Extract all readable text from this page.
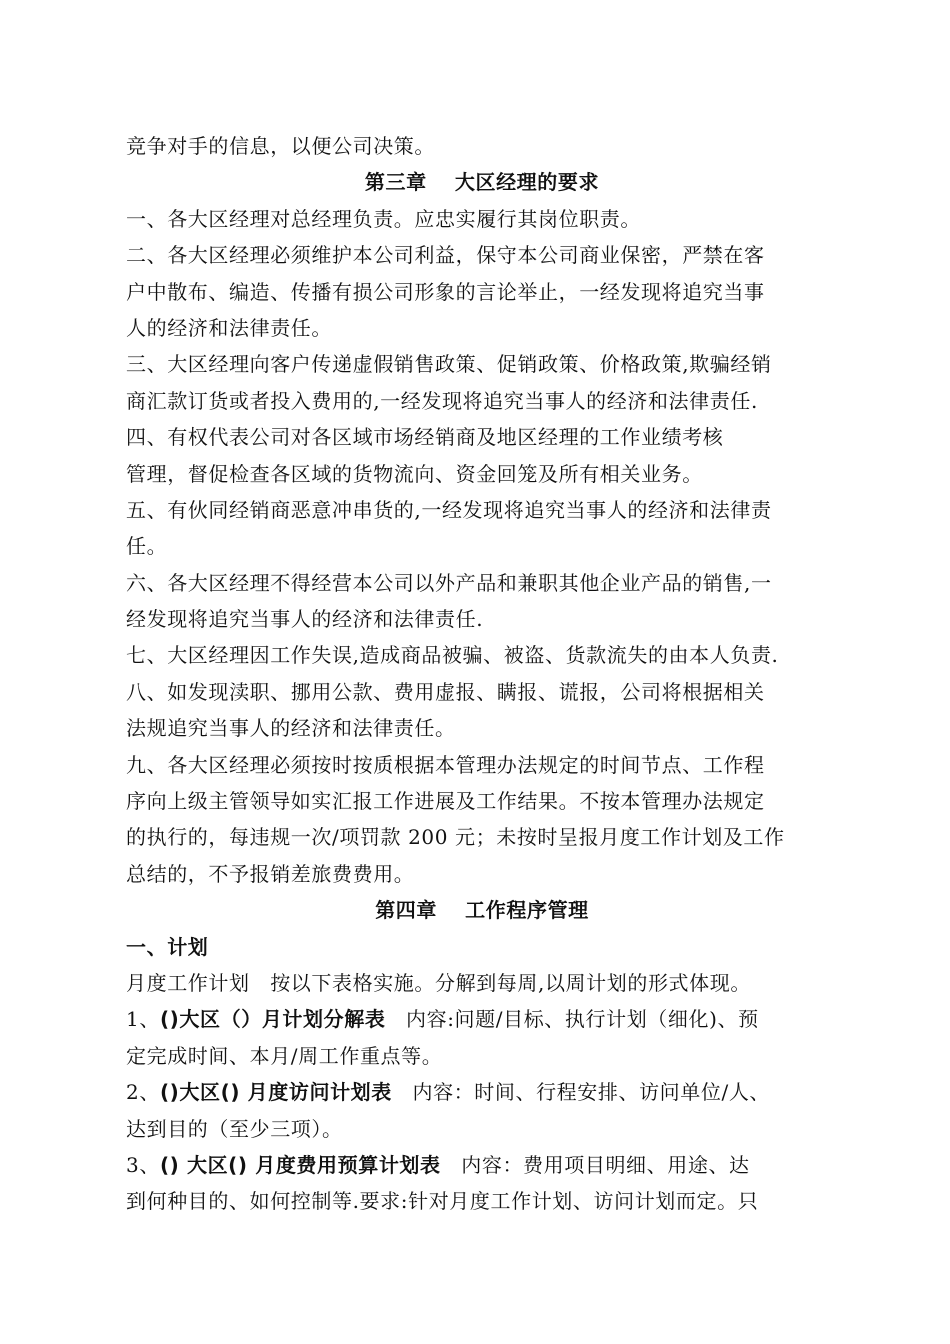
竞争对手的信息，以便公司决策。
第三章　 大区经理的要求
一、各大区经理对总经理负责。应忠实履行其岗位职责。
二、各大区经理必须维护本公司利益，保守本公司商业保密，严禁在客
户中散布、编造、传播有损公司形象的言论举止，一经发现将追究当事
人的经济和法律责任。
三、大区经理向客户传递虚假销售政策、促销政策、价格政策,欺骗经销
商汇款订货或者投入费用的,一经发现将追究当事人的经济和法律责任.
四、有权代表公司对各区域市场经销商及地区经理的工作业绩考核
管理，督促检查各区域的货物流向、资金回笼及所有相关业务。
五、有伙同经销商恶意冲串货的,一经发现将追究当事人的经济和法律责
任。
六、各大区经理不得经营本公司以外产品和兼职其他企业产品的销售,一
经发现将追究当事人的经济和法律责任.
七、大区经理因工作失误,造成商品被骗、被盗、货款流失的由本人负责.
八、如发现渎职、挪用公款、费用虚报、瞒报、谎报，公司将根据相关
法规追究当事人的经济和法律责任。
九、各大区经理必须按时按质根据本管理办法规定的时间节点、工作程
序向上级主管领导如实汇报工作进展及工作结果。不按本管理办法规定
的执行的，每违规一次/项罚款 200 元；未按时呈报月度工作计划及工作
总结的，不予报销差旅费费用。
第四章　 工作程序管理
一、计划
月度工作计划　按以下表格实施。分解到每周,以周计划的形式体现。
1、()大区（）月计划分解表　内容:问题/目标、执行计划（细化)、预
定完成时间、本月/周工作重点等。
2、()大区() 月度访问计划表　内容：时间、行程安排、访问单位/人、
达到目的（至少三项）。
3、() 大区() 月度费用预算计划表　内容：费用项目明细、用途、达
到何种目的、如何控制等.要求:针对月度工作计划、访问计划而定。只
